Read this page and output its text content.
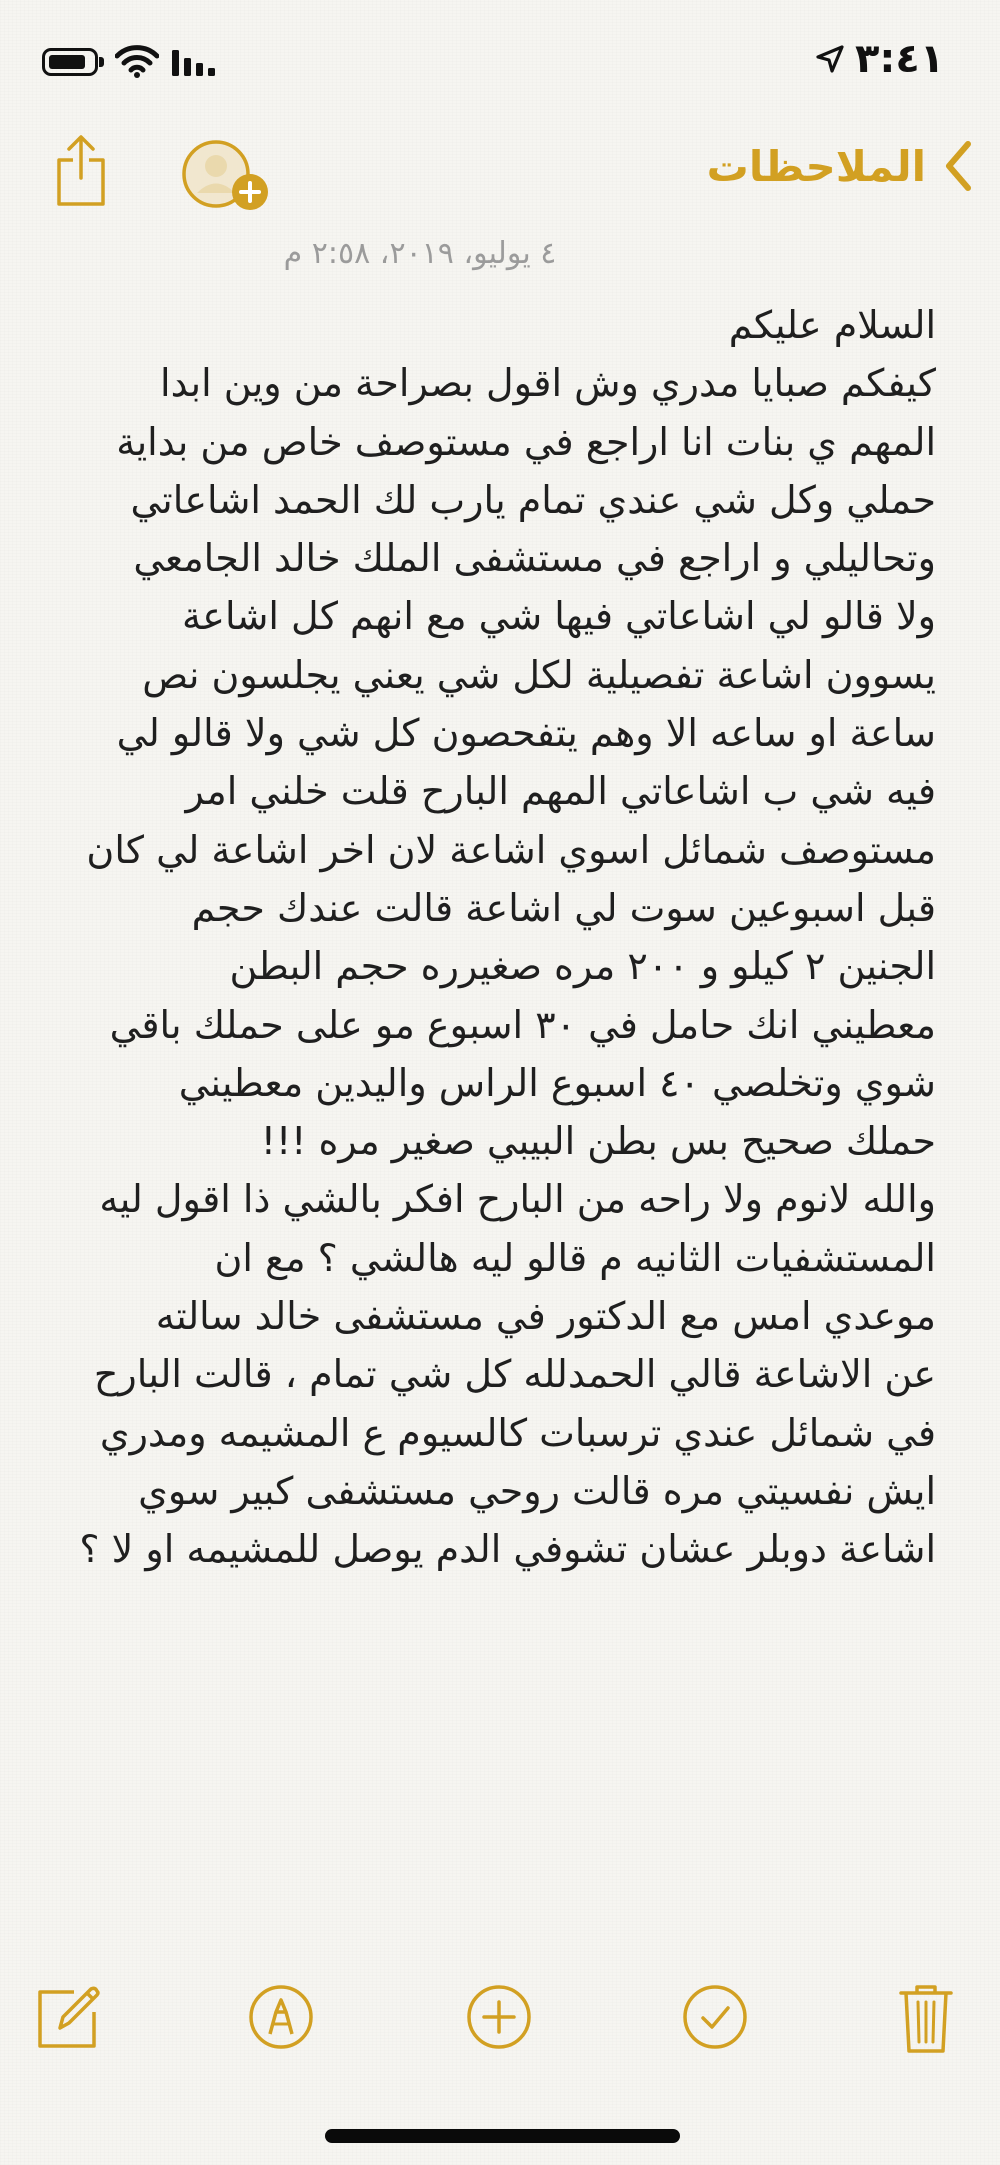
٣:٤١
الملاحظات
٤ يوليو، ٢٠١٩، ٢:٥٨ م
السلام عليكم
كيفكم صبايا مدري وش اقول بصراحة من وين ابدا
المهم ي بنات انا اراجع في مستوصف خاص من بداية
حملي وكل شي عندي تمام يارب لك الحمد اشاعاتي
وتحاليلي و اراجع في مستشفى الملك خالد الجامعي
ولا قالو لي اشاعاتي فيها شي مع انهم كل اشاعة
يسوون اشاعة تفصيلية لكل شي يعني يجلسون نص
ساعة او ساعه الا وهم يتفحصون كل شي ولا قالو لي
فيه شي ب اشاعاتي المهم البارح قلت خلني امر
مستوصف شمائل اسوي اشاعة لان اخر اشاعة لي كان
قبل اسبوعين سوت لي اشاعة قالت عندك حجم
الجنين ٢ كيلو و ٢٠٠ مره صغيرره حجم البطن
معطيني انك حامل في ٣٠ اسبوع مو على حملك باقي
شوي وتخلصي ٤٠ اسبوع الراس واليدين معطيني
حملك صحيح بس بطن البيبي صغير مره !!!
والله لانوم ولا راحه من البارح افكر بالشي ذا اقول ليه
المستشفيات الثانيه م قالو ليه هالشي ؟ مع ان
موعدي امس مع الدكتور في مستشفى خالد سالته
عن الاشاعة قالي الحمدلله كل شي تمام ، قالت البارح
في شمائل عندي ترسبات كالسيوم ع المشيمه ومدري
ايش نفسيتي مره قالت روحي مستشفى كبير سوي
اشاعة دوبلر عشان تشوفي الدم يوصل للمشيمه او لا ؟
